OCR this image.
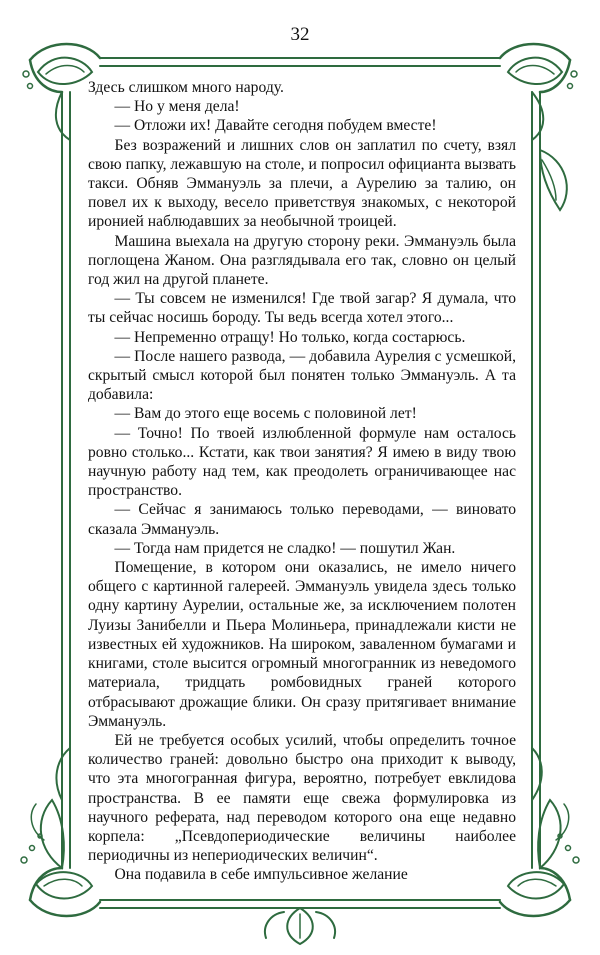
32

Здесь слишком много народу.

— Но у меня дела!

— Отложи их! Давайте сегодня побудем вместе!

Без возражений и лишних слов он заплатил по счету, взял свою папку, лежавшую на столе, и попросил официанта вызвать такси. Обняв Эммануэль за плечи, а Аурелию за талию, он повел их к выходу, весело приветствуя знакомых, с некоторой иронией наблюдавших за необычной троицей.

Машина выехала на другую сторону реки. Эммануэль была поглощена Жаном. Она разглядывала его так, словно он целый год жил на другой планете.

— Ты совсем не изменился! Где твой загар? Я думала, что ты сейчас носишь бороду. Ты ведь всегда хотел этого...

— Непременно отращу! Но только, когда состарюсь.

— После нашего развода, — добавила Аурелия с усмешкой, скрытый смысл которой был понятен только Эммануэль. А та добавила:

— Вам до этого еще восемь с половиной лет!

— Точно! По твоей излюбленной формуле нам осталось ровно столько... Кстати, как твои занятия? Я имею в виду твою научную работу над тем, как преодолеть ограничивающее нас пространство.

— Сейчас я занимаюсь только переводами, — виновато сказала Эммануэль.

— Тогда нам придется не сладко! — пошутил Жан.

Помещение, в котором они оказались, не имело ничего общего с картинной галереей. Эммануэль увидела здесь только одну картину Аурелии, остальные же, за исключением полотен Луизы Занибелли и Пьера Молиньера, принадлежали кисти не известных ей художников. На широком, заваленном бумагами и книгами, столе высится огромный многогранник из неведомого материала, тридцать ромбовидных граней которого отбрасывают дрожащие блики. Он сразу притягивает внимание Эммануэль.

Ей не требуется особых усилий, чтобы определить точное количество граней: довольно быстро она приходит к выводу, что эта многогранная фигура, вероятно, потребует евклидова пространства. В ее памяти еще свежа формулировка из научного реферата, над переводом которого она еще недавно корпела: „Псевдопериодические величины наиболее периодичны из непериодических величин“.

Она подавила в себе импульсивное желание
